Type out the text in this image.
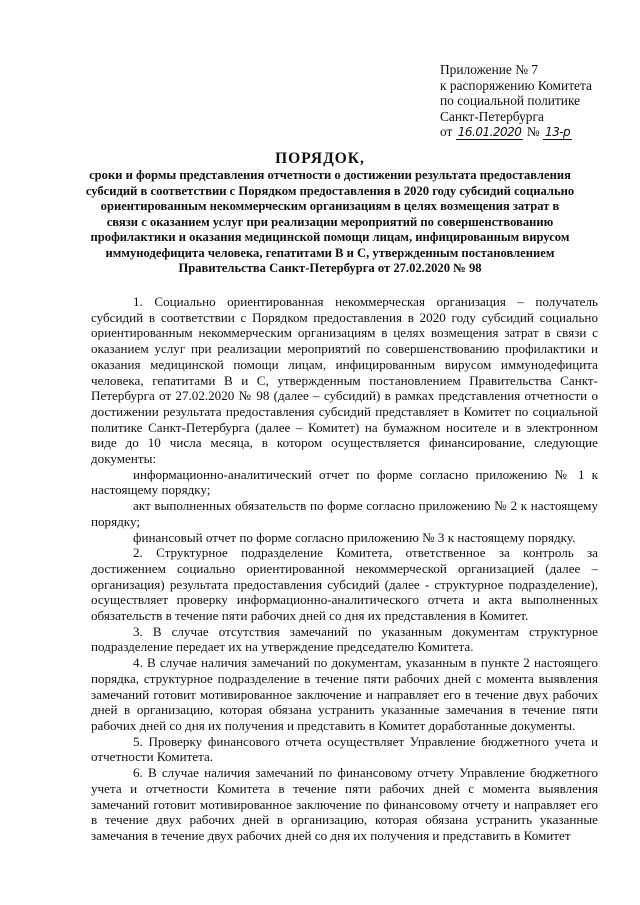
Приложение № 7
к распоряжению Комитета
по социальной политике
Санкт-Петербурга
от 16.01.2020 № 13-р
ПОРЯДОК,
сроки и формы представления отчетности о достижении результата предоставления субсидий в соответствии с Порядком предоставления в 2020 году субсидий социально ориентированным некоммерческим организациям в целях возмещения затрат в связи с оказанием услуг при реализации мероприятий по совершенствованию профилактики и оказания медицинской помощи лицам, инфицированным вирусом иммунодефицита человека, гепатитами В и С, утвержденным постановлением Правительства Санкт-Петербурга от 27.02.2020 № 98

1. Социально ориентированная некоммерческая организация – получатель субсидий в соответствии с Порядком предоставления в 2020 году субсидий социально ориентированным некоммерческим организациям в целях возмещения затрат в связи с оказанием услуг при реализации мероприятий по совершенствованию профилактики и оказания медицинской помощи лицам, инфицированным вирусом иммунодефицита человека, гепатитами В и С, утвержденным постановлением Правительства Санкт-Петербурга от 27.02.2020 № 98 (далее – субсидий) в рамках представления отчетности о достижении результата предоставления субсидий представляет в Комитет по социальной политике Санкт-Петербурга (далее – Комитет) на бумажном носителе и в электронном виде до 10 числа месяца, в котором осуществляется финансирование, следующие документы:

информационно-аналитический отчет по форме согласно приложению № 1 к настоящему порядку;

акт выполненных обязательств по форме согласно приложению № 2 к настоящему порядку;

финансовый отчет по форме согласно приложению № 3 к настоящему порядку.

2. Структурное подразделение Комитета, ответственное за контроль за достижением социально ориентированной некоммерческой организацией (далее – организация) результата предоставления субсидий (далее - структурное подразделение), осуществляет проверку информационно-аналитического отчета и акта выполненных обязательств в течение пяти рабочих дней со дня их представления в Комитет.

3. В случае отсутствия замечаний по указанным документам структурное подразделение передает их на утверждение председателю Комитета.

4. В случае наличия замечаний по документам, указанным в пункте 2 настоящего порядка, структурное подразделение в течение пяти рабочих дней с момента выявления замечаний готовит мотивированное заключение и направляет его в течение двух рабочих дней в организацию, которая обязана устранить указанные замечания в течение пяти рабочих дней со дня их получения и представить в Комитет доработанные документы.

5. Проверку финансового отчета осуществляет Управление бюджетного учета и отчетности Комитета.

6. В случае наличия замечаний по финансовому отчету Управление бюджетного учета и отчетности Комитета в течение пяти рабочих дней с момента выявления замечаний готовит мотивированное заключение по финансовому отчету и направляет его в течение двух рабочих дней в организацию, которая обязана устранить указанные замечания в течение двух рабочих дней со дня их получения и представить в Комитет
